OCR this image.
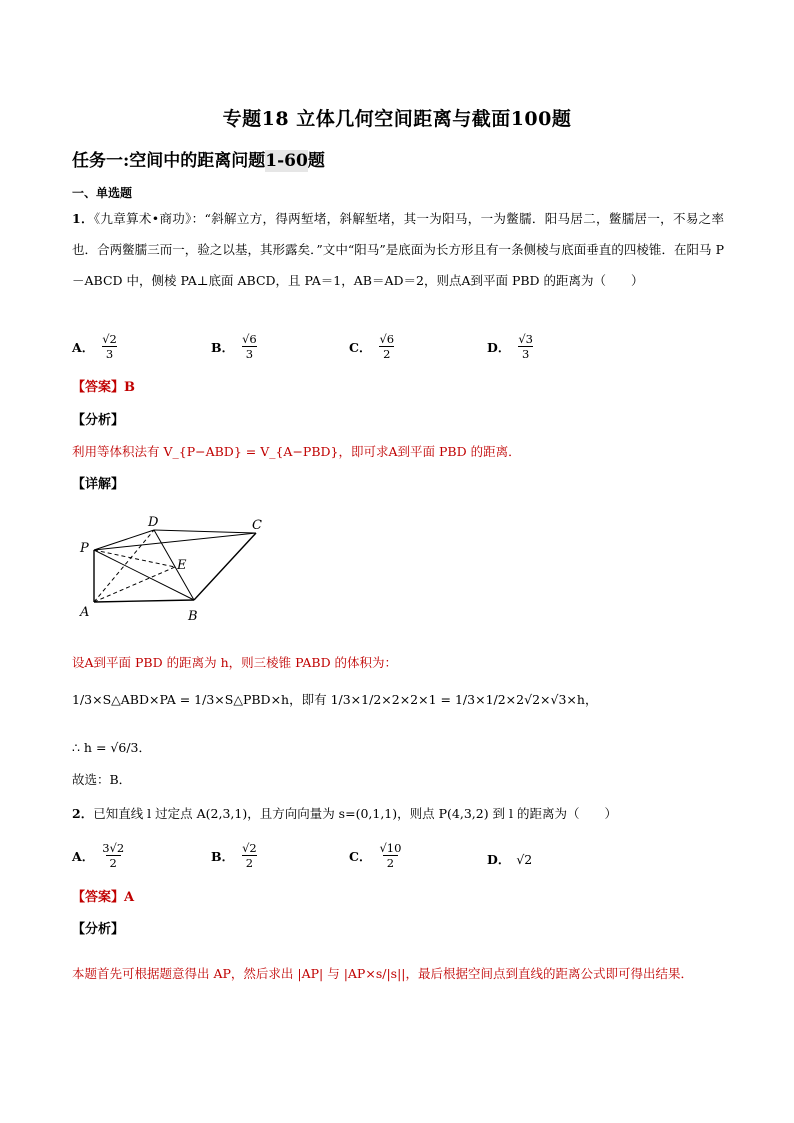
专题18 立体几何空间距离与截面100题
任务一:空间中的距离问题1-60题
一、单选题
1．《九章算术•商功》：“斜解立方，得两堑堵，斜解堑堵，其一为阳马，一为鳖臑．阳马居二，鳖臑居一，不易之率也．合两鳖臑三而一，验之以基，其形露矣．”文中“阳马”是底面为长方形且有一条侧棱与底面垂直的四棱锥．在阳马 P－ABCD 中，侧棱 PA⊥底面 ABCD，且 PA＝1，AB＝AD＝2，则点A到平面 PBD 的距离为（　　）
A． $\frac{√2}{3}$	B． $\frac{√6}{3}$	C． $\frac{√6}{2}$	D． $\frac{√3}{3}$
【答案】B
【分析】
利用等体积法有 V_{P−ABD} = V_{A−PBD}，即可求A到平面 PBD 的距离．
【详解】
P
D	C
E
A	B
设A到平面 PBD 的距离为 h，则三棱锥 PABD 的体积为：
1/3×S△ABD×PA = 1/3×S△PBD×h，即有 1/3×1/2×2×2×1 = 1/3×1/2×2√2×√3×h，
∴ h = √6/3．
故选：B．
2．已知直线 l 过定点 A(2,3,1)，且方向向量为 s=(0,1,1)，则点 P(4,3,2) 到 l 的距离为（　　）
A． $\frac{3√2}{2}$	B． $\frac{√2}{2}$	C． $\frac{√10}{2}$	D． √2
【答案】A
【分析】
本题首先可根据题意得出 AP，然后求出 |AP| 与 |AP×s/|s||，最后根据空间点到直线的距离公式即可得出结果．
